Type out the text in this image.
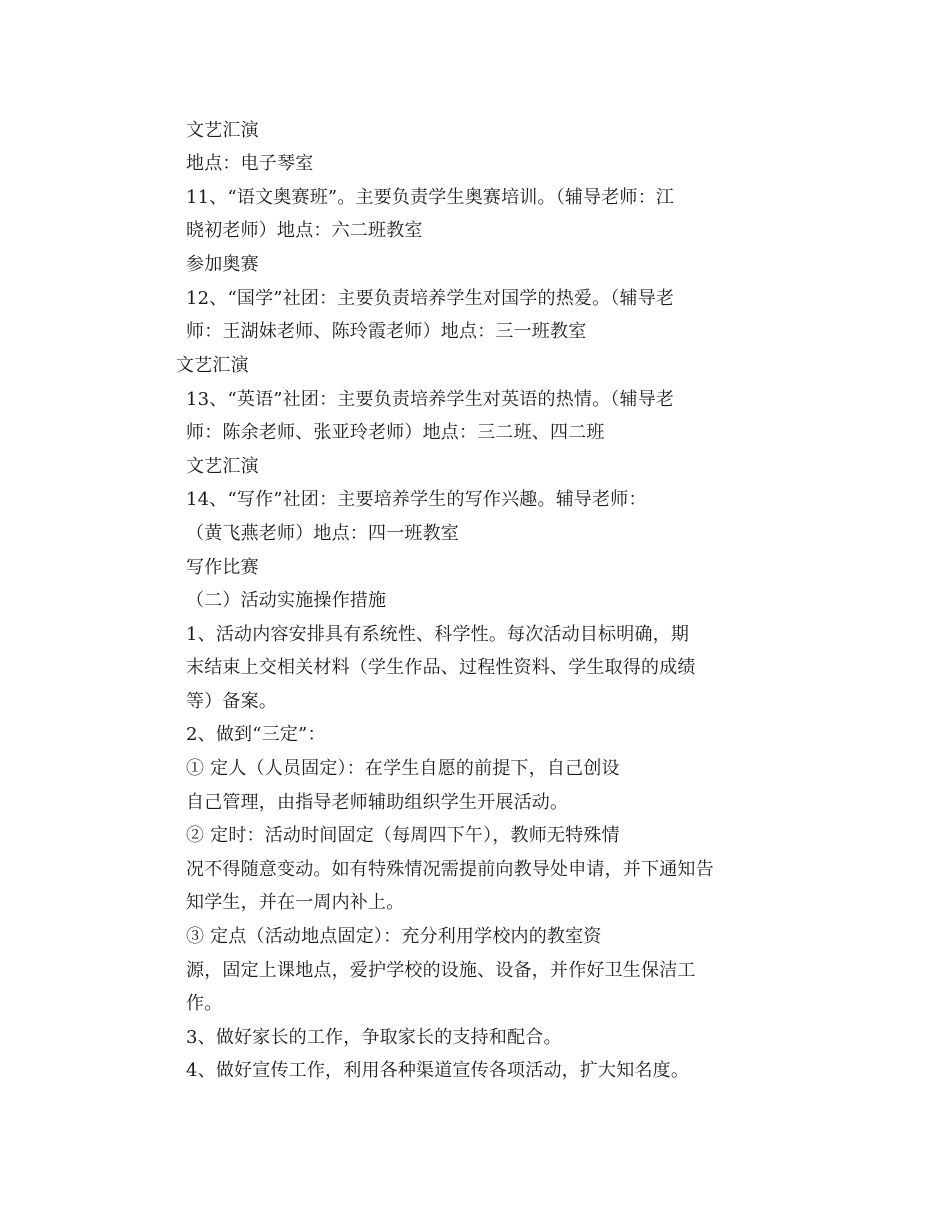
文艺汇演
地点：电子琴室
11、“语文奥赛班”。主要负责学生奥赛培训。（辅导老师：江
晓初老师）地点：六二班教室
参加奥赛
12、“国学”社团：主要负责培养学生对国学的热爱。（辅导老
师：王湖妹老师、陈玲霞老师）地点：三一班教室
文艺汇演
13、“英语”社团：主要负责培养学生对英语的热情。（辅导老
师：陈余老师、张亚玲老师）地点：三二班、四二班
文艺汇演
14、“写作”社团：主要培养学生的写作兴趣。辅导老师：
（黄飞燕老师）地点：四一班教室
写作比赛
（二）活动实施操作措施
1、活动内容安排具有系统性、科学性。每次活动目标明确，期
末结束上交相关材料（学生作品、过程性资料、学生取得的成绩
等）备案。
2、做到“三定”：
① 定人（人员固定）：在学生自愿的前提下，自己创设
自己管理，由指导老师辅助组织学生开展活动。
② 定时：活动时间固定（每周四下午），教师无特殊情
况不得随意变动。如有特殊情况需提前向教导处申请，并下通知告
知学生，并在一周内补上。
③ 定点（活动地点固定）：充分利用学校内的教室资
源，固定上课地点，爱护学校的设施、设备，并作好卫生保洁工
作。
3、做好家长的工作，争取家长的支持和配合。
4、做好宣传工作，利用各种渠道宣传各项活动，扩大知名度。
